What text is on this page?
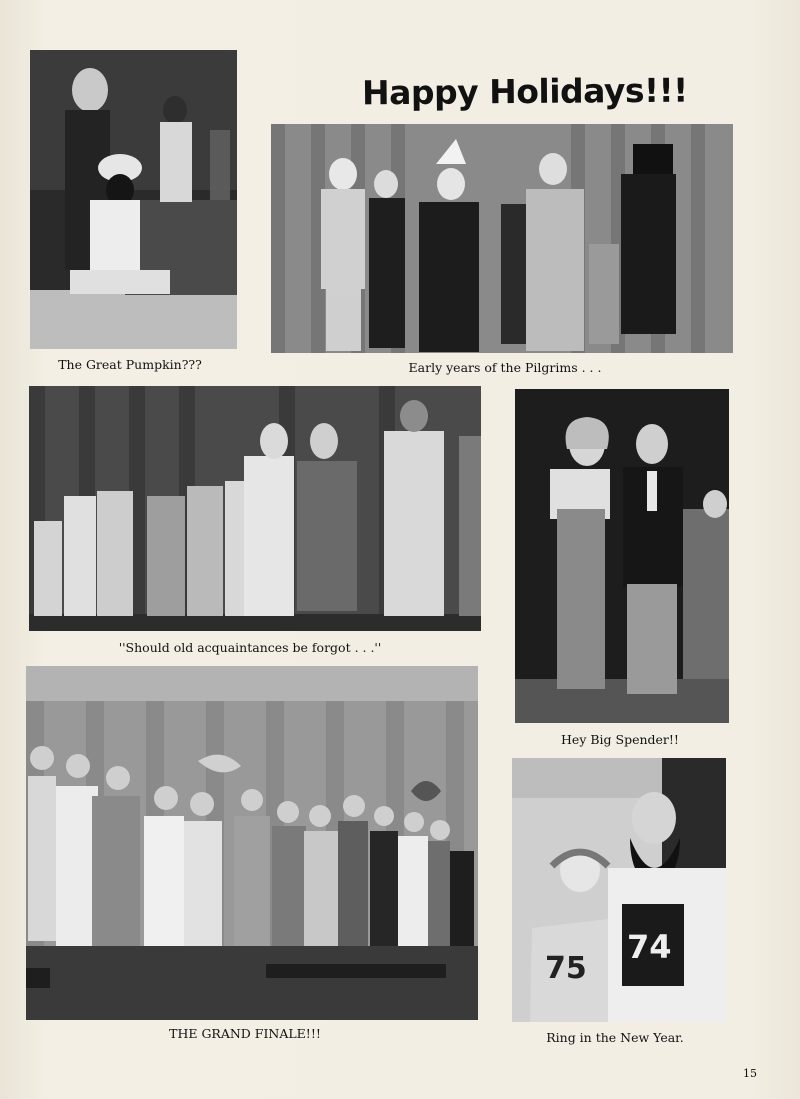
Happy Holidays!!!
The Great Pumpkin???	Early years of the Pilgrims . . .
''Should old acquaintances be forgot . . .''
Hey Big Spender!!
THE GRAND FINALE!!!
75
74
Ring in the New Year.
15
